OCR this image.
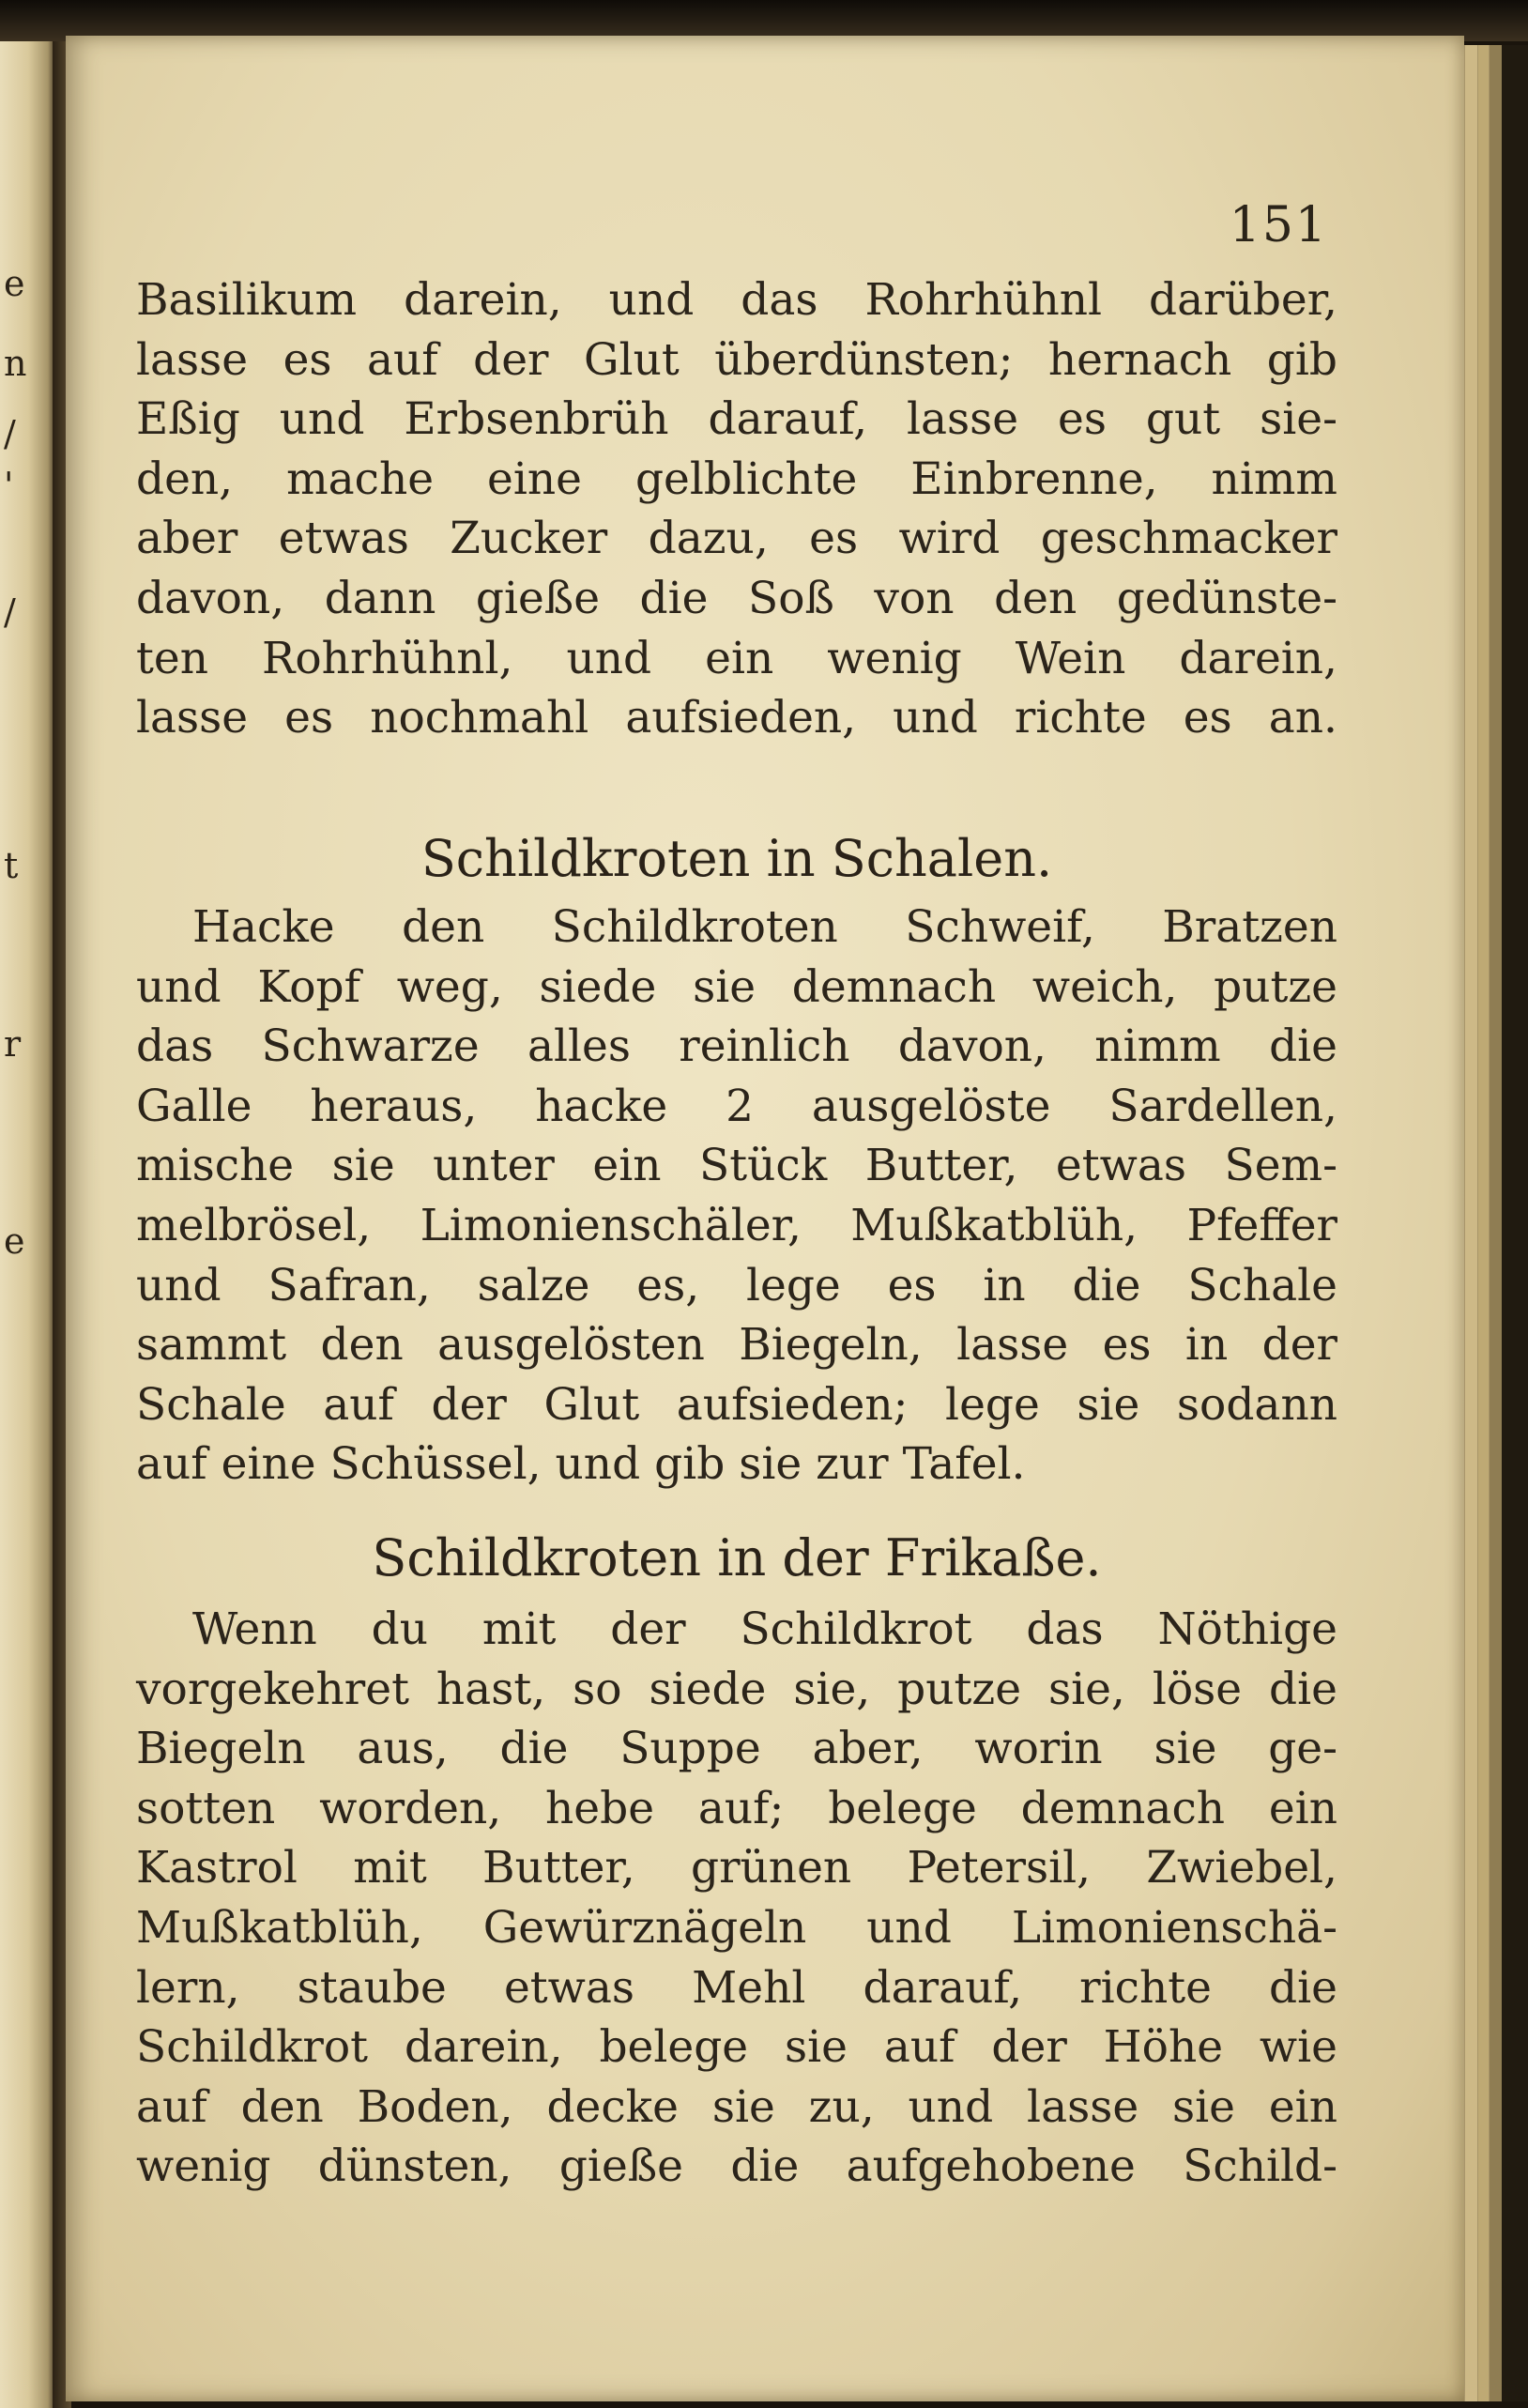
e
n
/
'
/
t
r
e
151
Basilikum darein, und das Rohrhühnl darüber,
lasse es auf der Glut überdünsten; hernach gib
Eßig und Erbsenbrüh darauf, lasse es gut sie-
den, mache eine gelblichte Einbrenne, nimm
aber etwas Zucker dazu, es wird geschmacker
davon, dann gieße die Soß von den gedünste-
ten Rohrhühnl, und ein wenig Wein darein,
lasse es nochmahl aufsieden, und richte es an.
Schildkroten in Schalen.
Hacke den Schildkroten Schweif, Bratzen
und Kopf weg, siede sie demnach weich, putze
das Schwarze alles reinlich davon, nimm die
Galle heraus, hacke 2 ausgelöste Sardellen,
mische sie unter ein Stück Butter, etwas Sem-
melbrösel, Limonienschäler, Mußkatblüh, Pfeffer
und Safran, salze es, lege es in die Schale
sammt den ausgelösten Biegeln, lasse es in der
Schale auf der Glut aufsieden; lege sie sodann
auf eine Schüssel, und gib sie zur Tafel.
Schildkroten in der Frikaße.
Wenn du mit der Schildkrot das Nöthige
vorgekehret hast, so siede sie, putze sie, löse die
Biegeln aus, die Suppe aber, worin sie ge-
sotten worden, hebe auf; belege demnach ein
Kastrol mit Butter, grünen Petersil, Zwiebel,
Mußkatblüh, Gewürznägeln und Limonienschä-
lern, staube etwas Mehl darauf, richte die
Schildkrot darein, belege sie auf der Höhe wie
auf den Boden, decke sie zu, und lasse sie ein
wenig dünsten, gieße die aufgehobene Schild-
